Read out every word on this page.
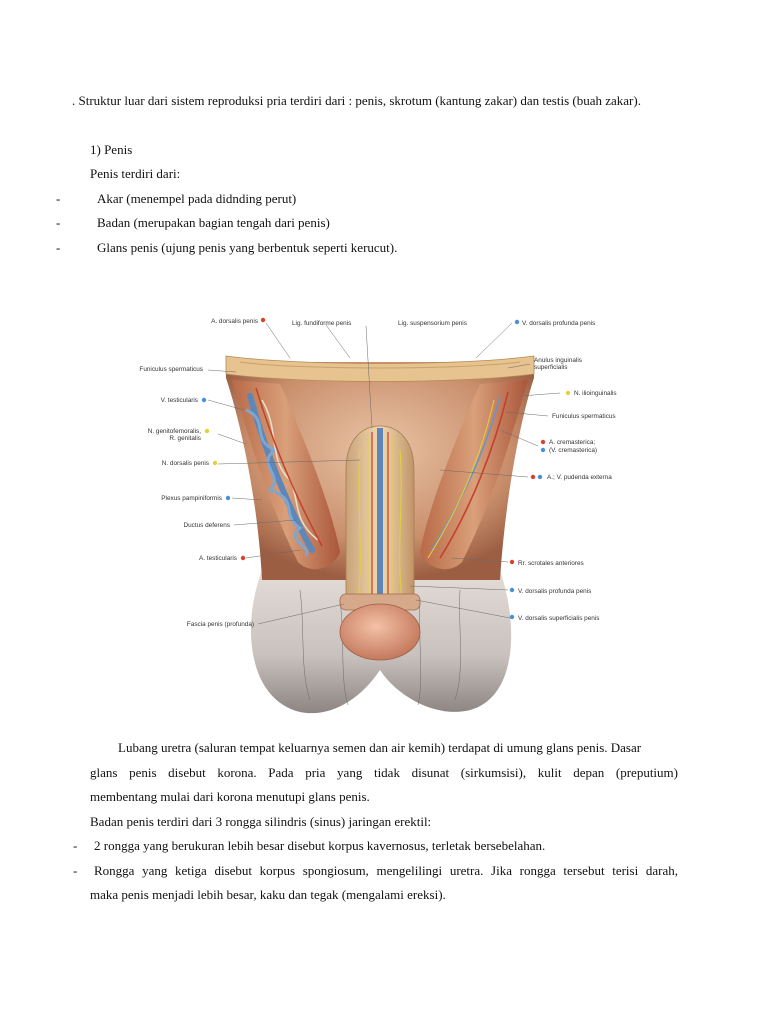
. Struktur luar dari sistem reproduksi pria terdiri dari : penis, skrotum (kantung zakar) dan testis (buah zakar).
1) Penis
Penis terdiri dari:
-	Akar (menempel pada didnding perut)
-	Badan (merupakan bagian tengah dari penis)
-	Glans penis (ujung penis yang berbentuk seperti kerucut).
A. dorsalis penis	Lig. fundiforme penis	Lig. suspensorium penis	V. dorsalis profunda penis
Funiculus spermaticus
Anulus inguinalis
superficialis
V. testicularis
N. ilioinguinalis
Funiculus spermaticus
N. genitofemoralis,
R. genitalis
A. cremasterica;
(V. cremasterica)
N. dorsalis penis
A.; V. pudenda externa
Plexus pampiniformis
Ductus deferens
A. testicularis
Rr. scrotales anteriores
V. dorsalis profunda penis
V. dorsalis superficialis penis
Fascia penis (profunda)
Lubang uretra (saluran tempat keluarnya semen dan air kemih) terdapat di umung glans penis. Dasar
glans penis disebut korona. Pada pria yang tidak disunat (sirkumsisi), kulit depan (preputium)
membentang mulai dari korona menutupi glans penis.
Badan penis terdiri dari 3 rongga silindris (sinus) jaringan erektil:
- 2 rongga yang berukuran lebih besar disebut korpus kavernosus, terletak bersebelahan.
- Rongga yang ketiga disebut korpus spongiosum, mengelilingi uretra. Jika rongga tersebut terisi darah,
maka penis menjadi lebih besar, kaku dan tegak (mengalami ereksi).
